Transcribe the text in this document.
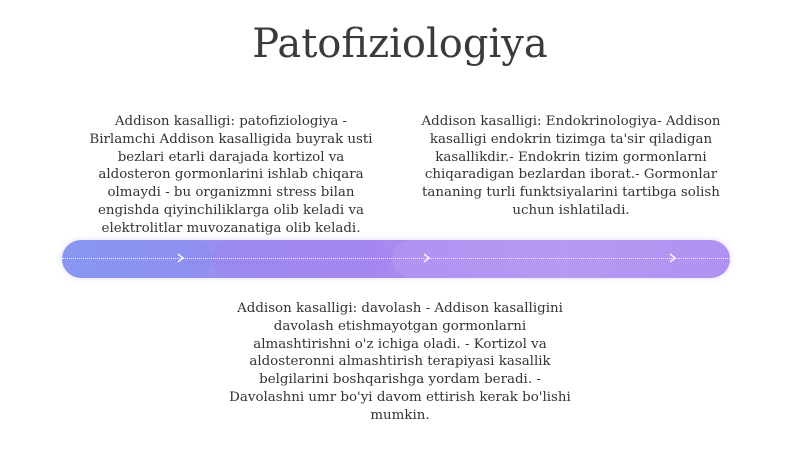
Patofiziologiya
Addison kasalligi: patofiziologiya - Birlamchi Addison kasalligida buyrak usti bezlari etarli darajada kortizol va aldosteron gormonlarini ishlab chiqara olmaydi - bu organizmni stress bilan engishda qiyinchiliklarga olib keladi va elektrolitlar muvozanatiga olib keladi.
Addison kasalligi: Endokrinologiya- Addison kasalligi endokrin tizimga ta'sir qiladigan kasallikdir.- Endokrin tizim gormonlarni chiqaradigan bezlardan iborat.- Gormonlar tananing turli funktsiyalarini tartibga solish uchun ishlatiladi.
Addison kasalligi: davolash - Addison kasalligini davolash etishmayotgan gormonlarni almashtirishni o'z ichiga oladi. - Kortizol va aldosteronni almashtirish terapiyasi kasallik belgilarini boshqarishga yordam beradi. - Davolashni umr bo'yi davom ettirish kerak bo'lishi mumkin.
